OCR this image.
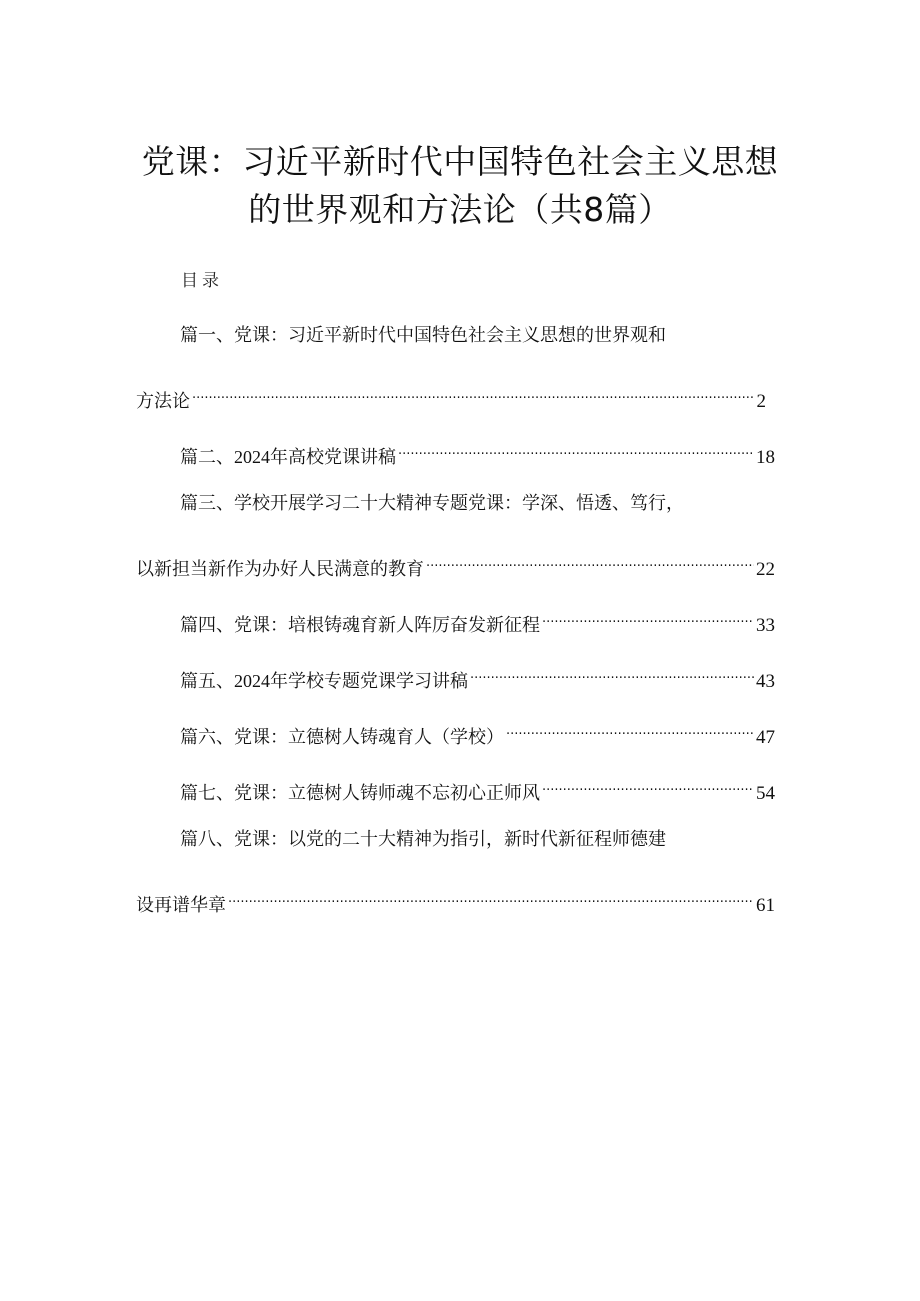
党课：习近平新时代中国特色社会主义思想
的世界观和方法论（共8篇）
目录
篇一、党课：习近平新时代中国特色社会主义思想的世界观和
方法论 .....	2
篇二、2024年高校党课讲稿 .....	18
篇三、学校开展学习二十大精神专题党课：学深、悟透、笃行，
以新担当新作为办好人民满意的教育 .....	22
篇四、党课：培根铸魂育新人阵厉奋发新征程 .....	33
篇五、2024年学校专题党课学习讲稿 .....	43
篇六、党课：立德树人铸魂育人（学校） .....	47
篇七、党课：立德树人铸师魂不忘初心正师风 .....	54
篇八、党课：以党的二十大精神为指引，新时代新征程师德建
设再谱华章 .....	61
